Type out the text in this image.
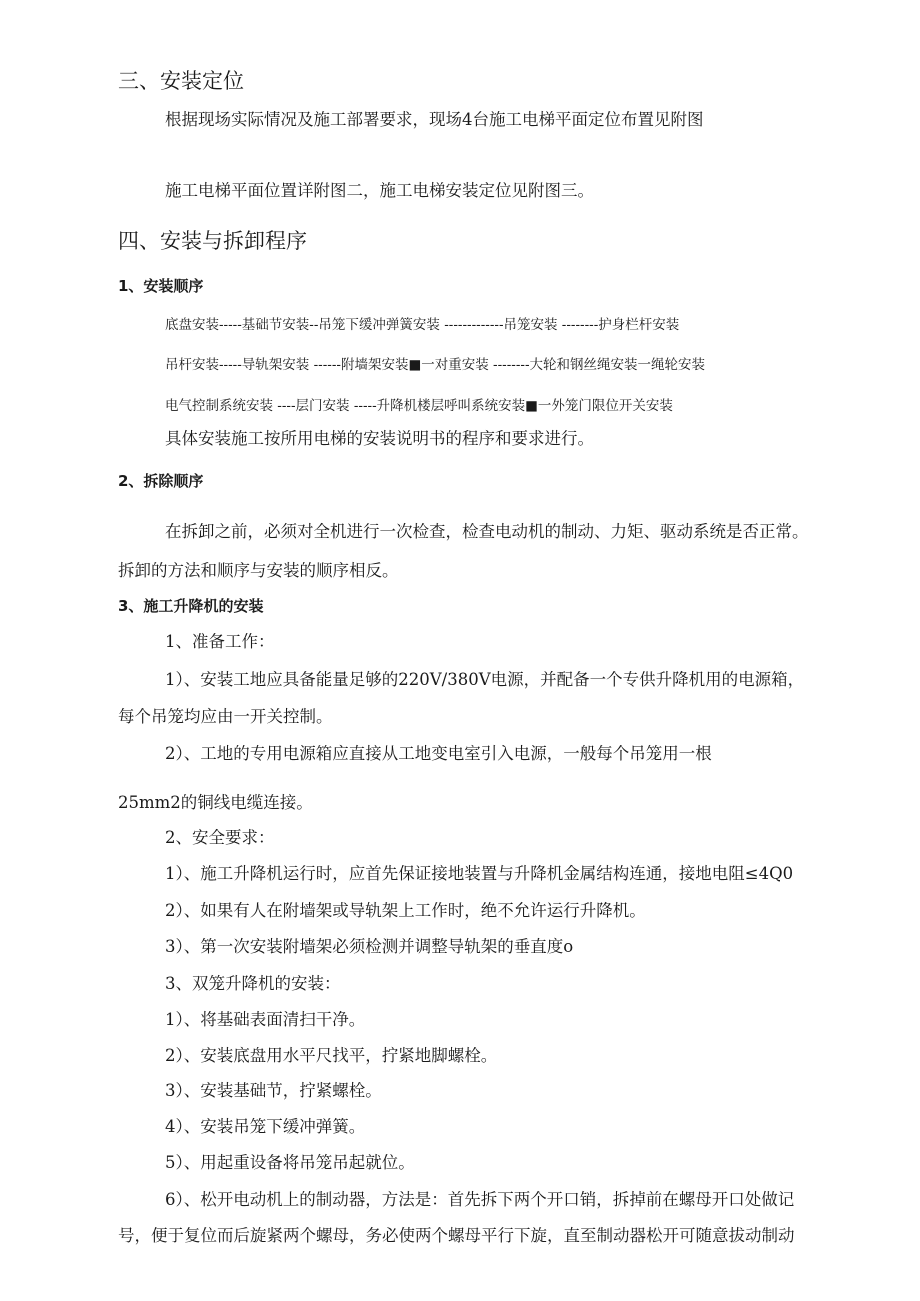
三、安装定位
根据现场实际情况及施工部署要求，现场4台施工电梯平面定位布置见附图
施工电梯平面位置详附图二，施工电梯安装定位见附图三。
四、安装与拆卸程序
1、安装顺序
底盘安装-----基础节安装--吊笼下缓冲弹簧安装 -------------吊笼安装 --------护身栏杆安装
吊杆安装-----导轨架安装 ------附墙架安装■一对重安装 --------大轮和钢丝绳安装一绳轮安装
电气控制系统安装 ----层门安装 -----升降机楼层呼叫系统安装■一外笼门限位开关安装
具体安装施工按所用电梯的安装说明书的程序和要求进行。
2、拆除顺序
在拆卸之前，必须对全机进行一次检查，检查电动机的制动、力矩、驱动系统是否正常。
拆卸的方法和顺序与安装的顺序相反。
3、施工升降机的安装
1、准备工作：
1）、安装工地应具备能量足够的220V/380V电源，并配备一个专供升降机用的电源箱，
每个吊笼均应由一开关控制。
2）、工地的专用电源箱应直接从工地变电室引入电源，一般每个吊笼用一根
25mm2的铜线电缆连接。
2、安全要求：
1）、施工升降机运行时，应首先保证接地装置与升降机金属结构连通，接地电阻≤4Q0
2）、如果有人在附墙架或导轨架上工作时，绝不允许运行升降机。
3）、第一次安装附墙架必须检测并调整导轨架的垂直度o
3、双笼升降机的安装：
1）、将基础表面清扫干净。
2）、安装底盘用水平尺找平，拧紧地脚螺栓。
3）、安装基础节，拧紧螺栓。
4）、安装吊笼下缓冲弹簧。
5）、用起重设备将吊笼吊起就位。
6）、松开电动机上的制动器，方法是：首先拆下两个开口销，拆掉前在螺母开口处做记
号，便于复位而后旋紧两个螺母，务必使两个螺母平行下旋，直至制动器松开可随意拔动制动
